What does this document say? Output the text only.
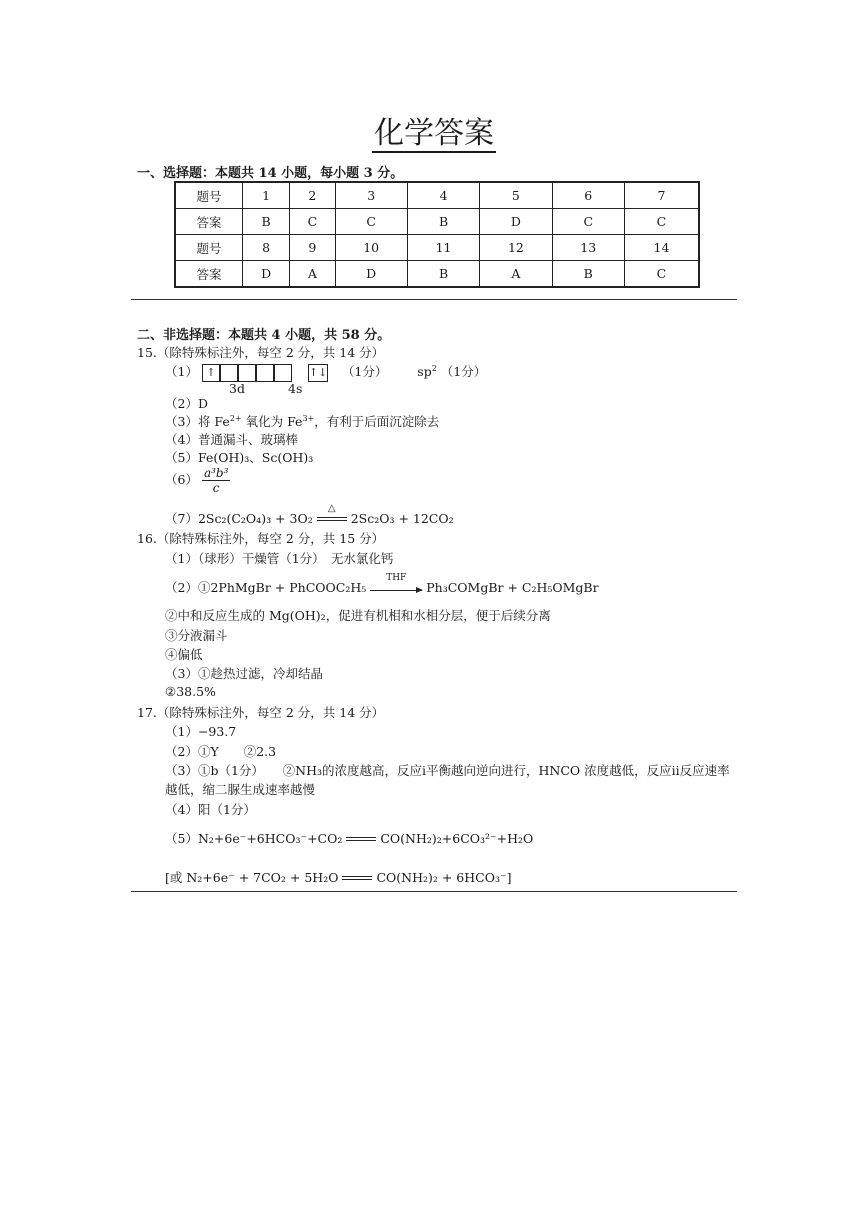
化学答案
一、选择题：本题共 14 小题，每小题 3 分。
题号	1	2	3	4	5	6	7
答案	B	C	C	B	D	C	C
题号	8	9	10	11	12	13	14
答案	D	A	D	B	A	B	C
二、非选择题：本题共 4 小题，共 58 分。
15.（除特殊标注外，每空 2 分，共 14 分）
（1） ↑	↑↓ （1分） $sp^2$ （1分）
3d	4s
（2）D
（3）将 $Fe^{2+}$ 氧化为 $Fe^{3+}$，有利于后面沉淀除去
（4）普通漏斗、玻璃棒
（5）Fe(OH)₃、Sc(OH)₃
$(6) \frac{\text{a³b³}}{c}$
（7）2Sc₂(C₂O₄)₃ + 3O₂
△
2Sc₂O₃ + 12CO₂
16.（除特殊标注外，每空 2 分，共 15 分）
（1）（球形）干燥管（1分）　无水氯化钙
（2）①2PhMgBr + PhCOOC₂H₅
THF
Ph₃COMgBr + C₂H₅OMgBr
②中和反应生成的 Mg(OH)₂，促进有机相和水相分层，便于后续分离
③分液漏斗
④偏低
（3）①趁热过滤，冷却结晶
②38.5%
17.（除特殊标注外，每空 2 分，共 14 分）
（1）−93.7
（2）①Y　　②2.3
（3）①b（1分）　　②NH₃的浓度越高，反应i平衡越向逆向进行，HNCO 浓度越低，反应ii反应速率
越低，缩二脲生成速率越慢
（4）阳（1分）
（5）N₂+6e⁻+6HCO₃⁻+CO₂	CO(NH₂)₂+6CO₃²⁻+H₂O
[或 N₂+6e⁻ + 7CO₂ + 5H₂O	CO(NH₂)₂ + 6HCO₃⁻]
